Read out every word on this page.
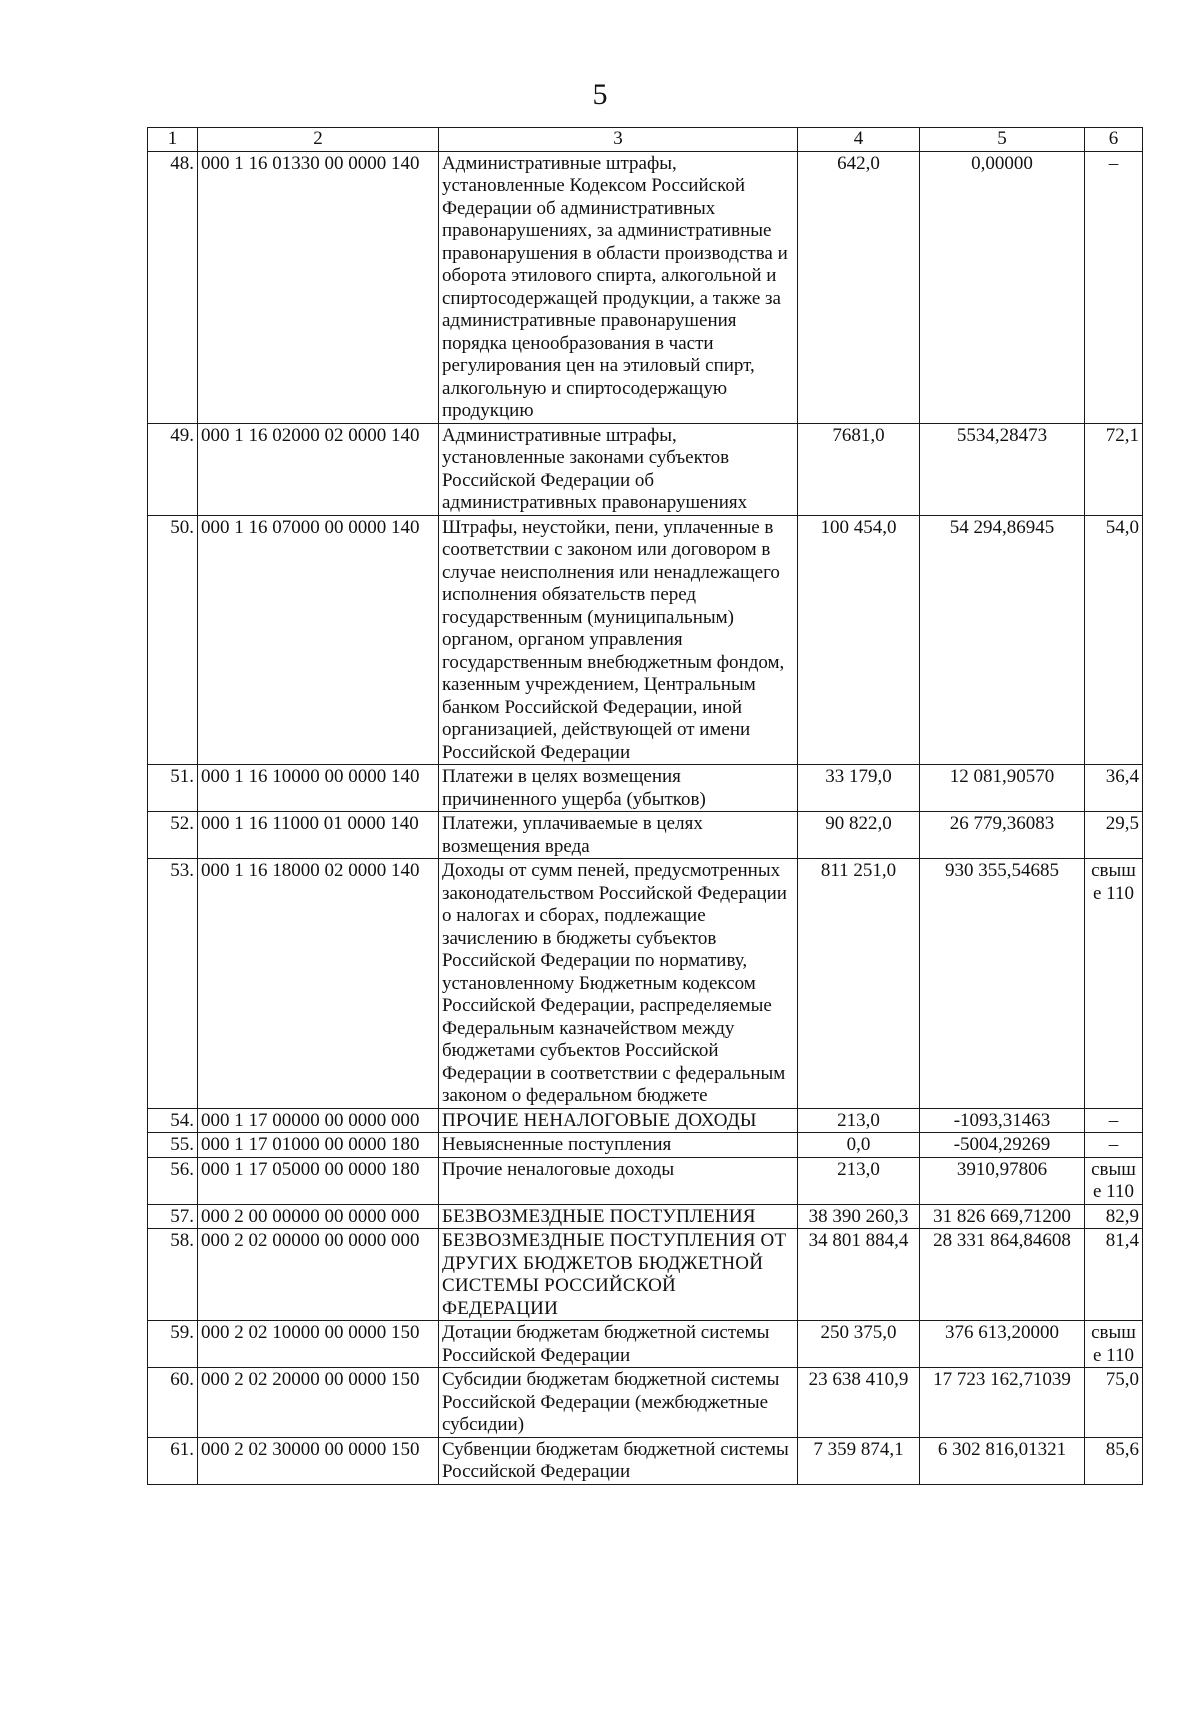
5
1	2	3	4	5	6
48.	000 1 16 01330 00 0000 140	Административные штрафы, установленные Кодексом Российской Федерации об административных правонарушениях, за административные правонарушения в области производства и оборота этилового спирта, алкогольной и спиртосодержащей продукции, а также за административные правонарушения порядка ценообразования в части регулирования цен на этиловый спирт, алкогольную и спиртосодержащую продукцию	642,0	0,00000	–
49.	000 1 16 02000 02 0000 140	Административные штрафы, установленные законами субъектов Российской Федерации об административных правонарушениях	7681,0	5534,28473	72,1
50.	000 1 16 07000 00 0000 140	Штрафы, неустойки, пени, уплаченные в соответствии с законом или договором в случае неисполнения или ненадлежащего исполнения обязательств перед государственным (муниципальным) органом, органом управления государственным внебюджетным фондом, казенным учреждением, Центральным банком Российской Федерации, иной организацией, действующей от имени Российской Федерации	100 454,0	54 294,86945	54,0
51.	000 1 16 10000 00 0000 140	Платежи в целях возмещения причиненного ущерба (убытков)	33 179,0	12 081,90570	36,4
52.	000 1 16 11000 01 0000 140	Платежи, уплачиваемые в целях возмещения вреда	90 822,0	26 779,36083	29,5
53.	000 1 16 18000 02 0000 140	Доходы от сумм пеней, предусмотренных законодательством Российской Федерации о налогах и сборах, подлежащие зачислению в бюджеты субъектов Российской Федерации по нормативу, установленному Бюджетным кодексом Российской Федерации, распределяемые Федеральным казначейством между бюджетами субъектов Российской Федерации в соответствии с федеральным законом о федеральном бюджете	811 251,0	930 355,54685	свыше 110
54.	000 1 17 00000 00 0000 000	ПРОЧИЕ НЕНАЛОГОВЫЕ ДОХОДЫ	213,0	-1093,31463	–
55.	000 1 17 01000 00 0000 180	Невыясненные поступления	0,0	-5004,29269	–
56.	000 1 17 05000 00 0000 180	Прочие неналоговые доходы	213,0	3910,97806	свыше 110
57.	000 2 00 00000 00 0000 000	БЕЗВОЗМЕЗДНЫЕ ПОСТУПЛЕНИЯ	38 390 260,3	31 826 669,71200	82,9
58.	000 2 02 00000 00 0000 000	БЕЗВОЗМЕЗДНЫЕ ПОСТУПЛЕНИЯ ОТ ДРУГИХ БЮДЖЕТОВ БЮДЖЕТНОЙ СИСТЕМЫ РОССИЙСКОЙ ФЕДЕРАЦИИ	34 801 884,4	28 331 864,84608	81,4
59.	000 2 02 10000 00 0000 150	Дотации бюджетам бюджетной системы Российской Федерации	250 375,0	376 613,20000	свыше 110
60.	000 2 02 20000 00 0000 150	Субсидии бюджетам бюджетной системы Российской Федерации (межбюджетные субсидии)	23 638 410,9	17 723 162,71039	75,0
61.	000 2 02 30000 00 0000 150	Субвенции бюджетам бюджетной системы Российской Федерации	7 359 874,1	6 302 816,01321	85,6
